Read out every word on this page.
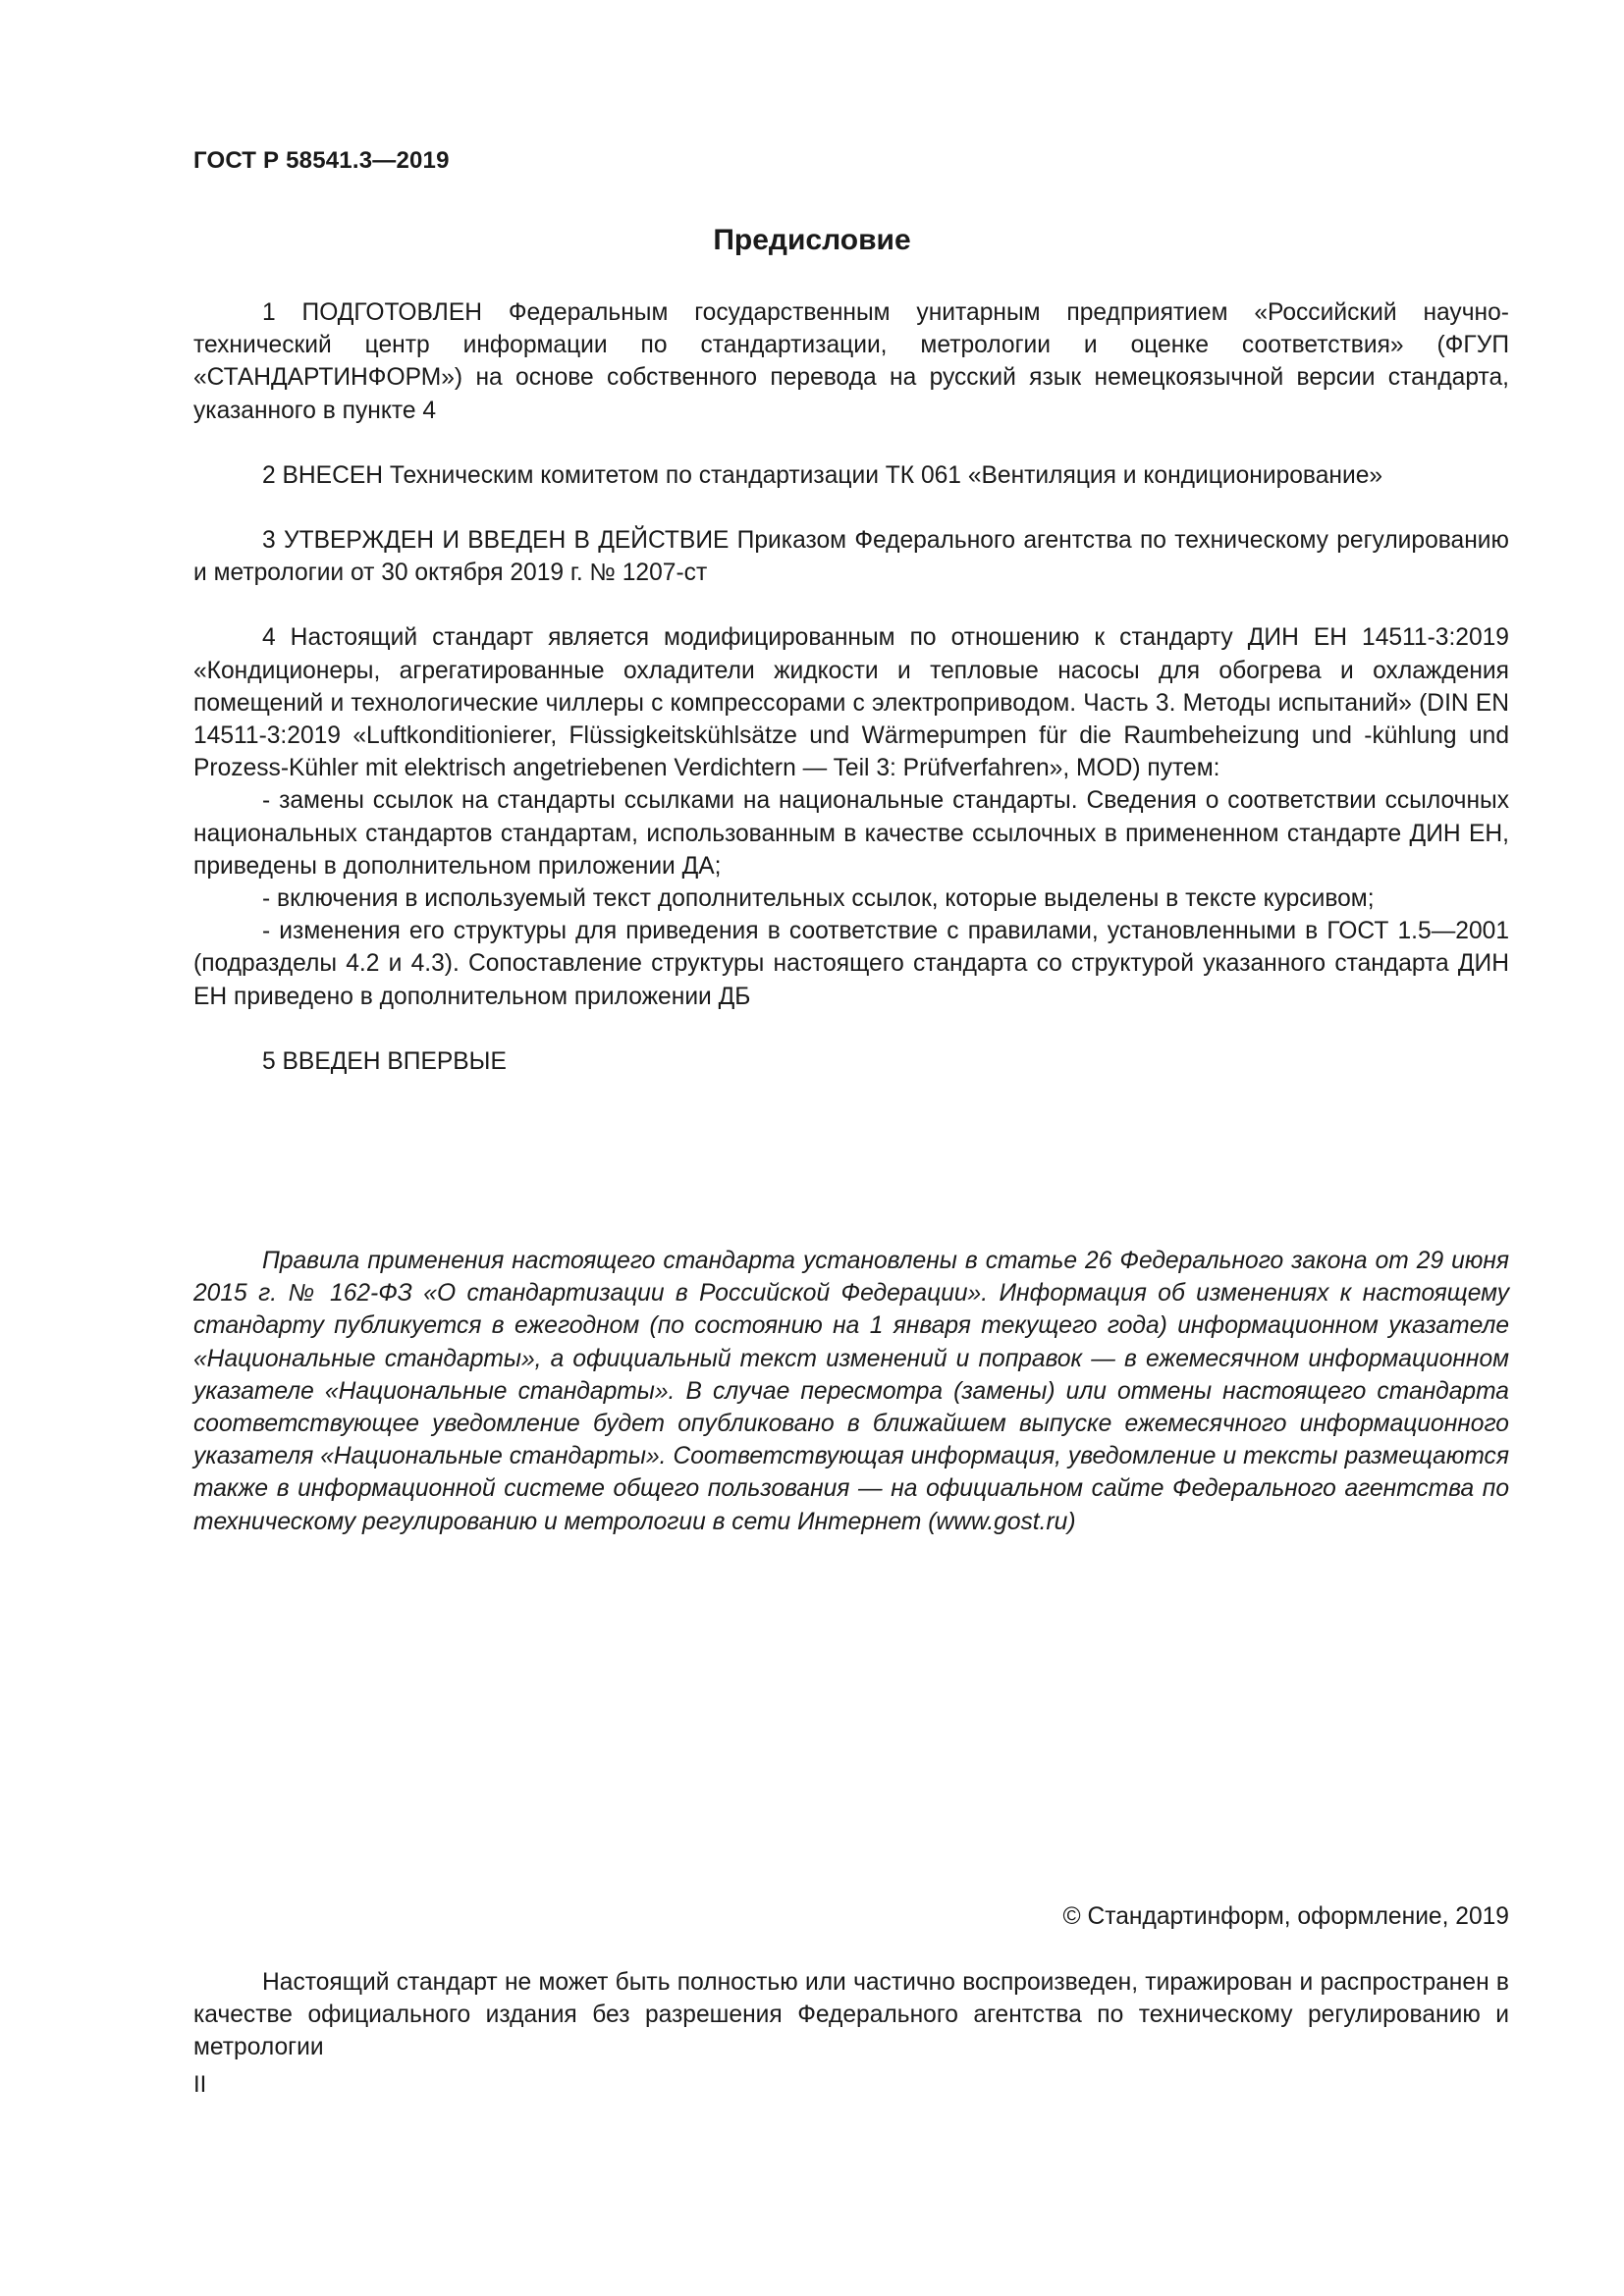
ГОСТ Р 58541.3—2019
Предисловие

1 ПОДГОТОВЛЕН Федеральным государственным унитарным предприятием «Российский научно-технический центр информации по стандартизации, метрологии и оценке соответствия» (ФГУП «СТАНДАРТИНФОРМ») на основе собственного перевода на русский язык немецкоязычной версии стандарта, указанного в пункте 4

2 ВНЕСЕН Техническим комитетом по стандартизации ТК 061 «Вентиляция и кондиционирование»

3 УТВЕРЖДЕН И ВВЕДЕН В ДЕЙСТВИЕ Приказом Федерального агентства по техническому регулированию и метрологии от 30 октября 2019 г. № 1207-ст

4 Настоящий стандарт является модифицированным по отношению к стандарту ДИН ЕН 14511-3:2019 «Кондиционеры, агрегатированные охладители жидкости и тепловые насосы для обогрева и охлаждения помещений и технологические чиллеры с компрессорами с электроприводом. Часть 3. Методы испытаний» (DIN EN 14511-3:2019 «Luftkonditionierer, Flüssigkeitskühlsätze und Wärmepumpen für die Raumbeheizung und -kühlung und Prozess-Kühler mit elektrisch angetriebenen Verdichtern — Teil 3: Prüfverfahren», MOD) путем:

- замены ссылок на стандарты ссылками на национальные стандарты. Сведения о соответствии ссылочных национальных стандартов стандартам, использованным в качестве ссылочных в примененном стандарте ДИН ЕН, приведены в дополнительном приложении ДА;

- включения в используемый текст дополнительных ссылок, которые выделены в тексте курсивом;

- изменения его структуры для приведения в соответствие с правилами, установленными в ГОСТ 1.5—2001 (подразделы 4.2 и 4.3). Сопоставление структуры настоящего стандарта со структурой указанного стандарта ДИН ЕН приведено в дополнительном приложении ДБ

5 ВВЕДЕН ВПЕРВЫЕ

Правила применения настоящего стандарта установлены в статье 26 Федерального закона от 29 июня 2015 г. № 162-ФЗ «О стандартизации в Российской Федерации». Информация об изменениях к настоящему стандарту публикуется в ежегодном (по состоянию на 1 января текущего года) информационном указателе «Национальные стандарты», а официальный текст изменений и поправок — в ежемесячном информационном указателе «Национальные стандарты». В случае пересмотра (замены) или отмены настоящего стандарта соответствующее уведомление будет опубликовано в ближайшем выпуске ежемесячного информационного указателя «Национальные стандарты». Соответствующая информация, уведомление и тексты размещаются также в информационной системе общего пользования — на официальном сайте Федерального агентства по техническому регулированию и метрологии в сети Интернет (www.gost.ru)

© Стандартинформ, оформление, 2019

Настоящий стандарт не может быть полностью или частично воспроизведен, тиражирован и распространен в качестве официального издания без разрешения Федерального агентства по техническому регулированию и метрологии

II
